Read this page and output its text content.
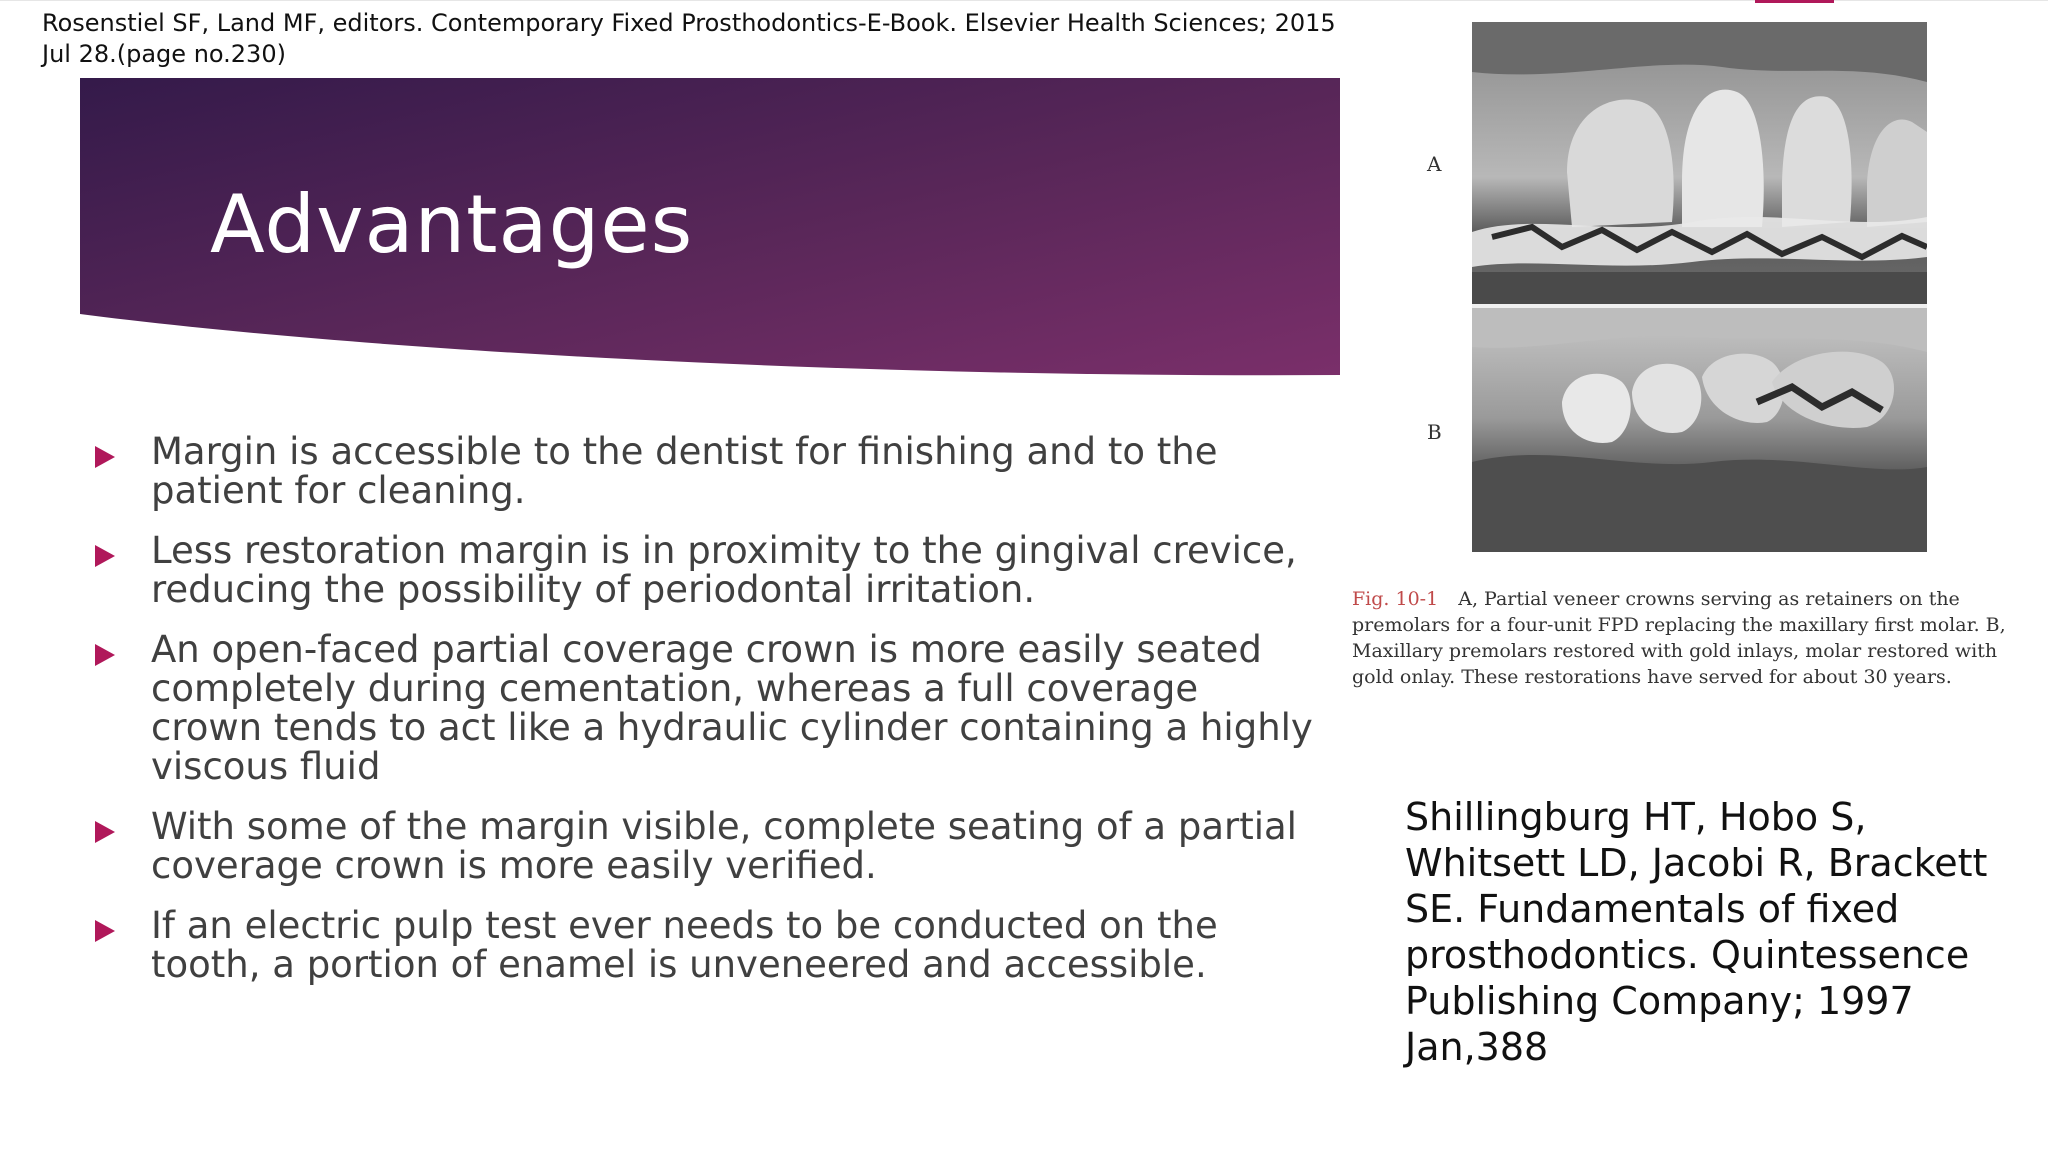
Rosenstiel SF, Land MF, editors. Contemporary Fixed Prosthodontics-E-Book. Elsevier Health Sciences; 2015 Jul 28.(page no.230)
Advantages
Margin is accessible to the dentist for finishing and to the patient for cleaning.
Less restoration margin is in proximity to the gingival crevice, reducing the possibility of periodontal irritation.
An open-faced partial coverage crown is more easily seated completely during cementation, whereas a full coverage crown tends to act like a hydraulic cylinder containing a highly viscous fluid
With some of the margin visible, complete seating of a partial coverage crown is more easily verified.
If an electric pulp test ever needs to be conducted on the tooth, a portion of enamel is unveneered and accessible.
A
B
Fig. 10-1 A, Partial veneer crowns serving as retainers on the premolars for a four-unit FPD replacing the maxillary first molar. B, Maxillary premolars restored with gold inlays, molar restored with gold onlay. These restorations have served for about 30 years.
Shillingburg HT, Hobo S, Whitsett LD, Jacobi R, Brackett SE. Fundamentals of fixed prosthodontics. Quintessence Publishing Company; 1997 Jan,388
